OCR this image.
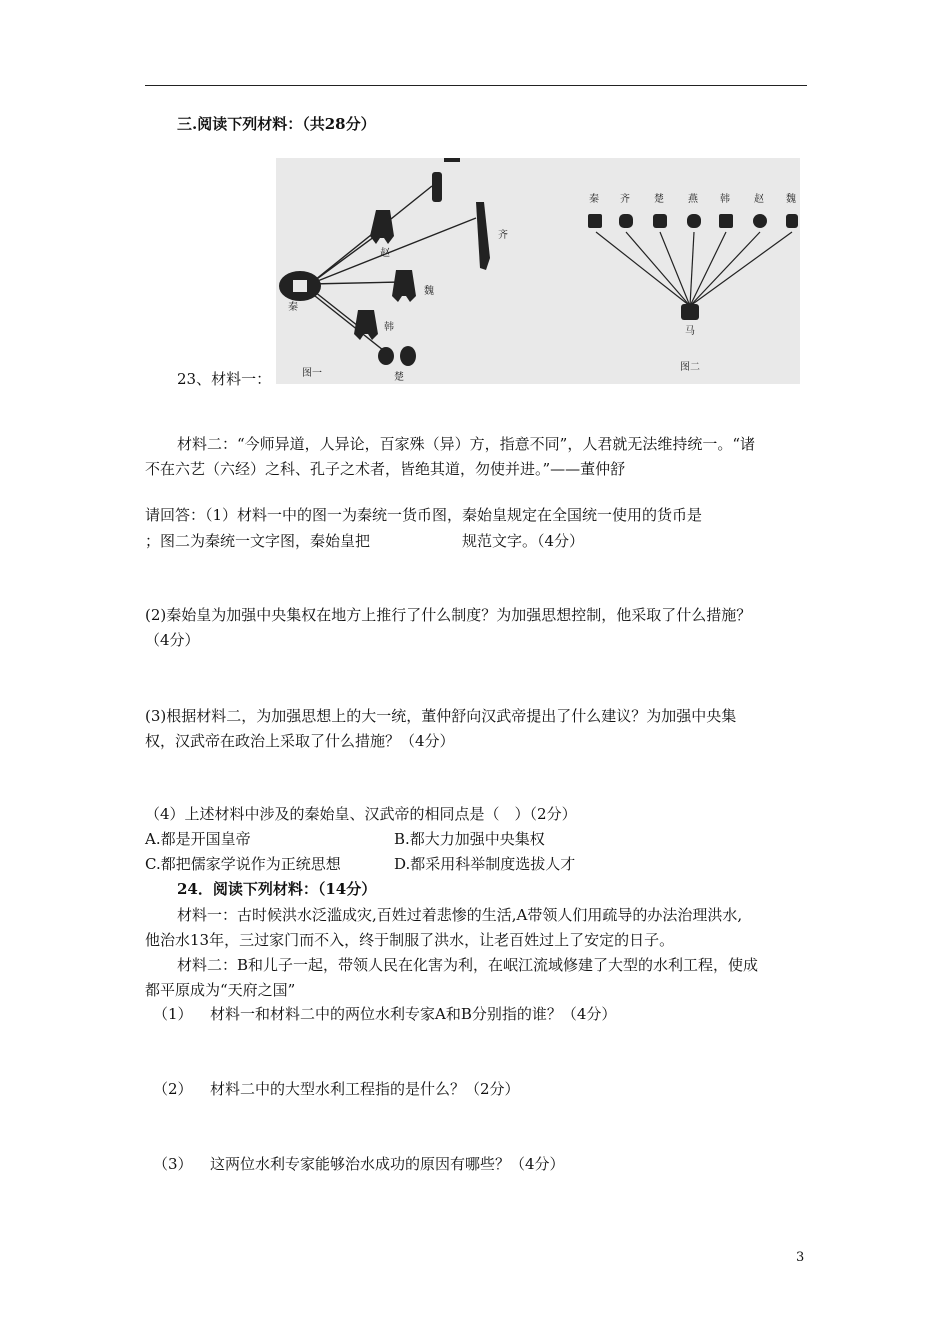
三.阅读下列材料：（共28分）
23、材料一：
秦
赵
齐
魏
韩
楚
图一
秦 齐 楚 燕 韩 赵 魏
马
图二
材料二：“今师异道，人异论，百家殊（异）方，指意不同”，人君就无法维持统一。“诸
不在六艺（六经）之科、孔子之术者，皆绝其道，勿使并进。”——董仲舒
请回答：（1）材料一中的图一为秦统一货币图，秦始皇规定在全国统一使用的货币是
；图二为秦统一文字图，秦始皇把	规范文字。（4分）
(2)秦始皇为加强中央集权在地方上推行了什么制度？为加强思想控制，他采取了什么措施？
（4分）
(3)根据材料二，为加强思想上的大一统，董仲舒向汉武帝提出了什么建议？为加强中央集
权，汉武帝在政治上采取了什么措施？（4分）
（4）上述材料中涉及的秦始皇、汉武帝的相同点是（　）（2分）
A.都是开国皇帝	B.都大力加强中央集权
C.都把儒家学说作为正统思想	D.都采用科举制度选拔人才
24．阅读下列材料：（14分）
材料一：古时候洪水泛滥成灾,百姓过着悲惨的生活,A带领人们用疏导的办法治理洪水,
他治水13年，三过家门而不入，终于制服了洪水，让老百姓过上了安定的日子。
材料二：B和儿子一起，带领人民在化害为利，在岷江流域修建了大型的水利工程，使成
都平原成为“天府之国”
（1） 材料一和材料二中的两位水利专家A和B分别指的谁？（4分）
（2） 材料二中的大型水利工程指的是什么？（2分）
（3） 这两位水利专家能够治水成功的原因有哪些？（4分）
3
